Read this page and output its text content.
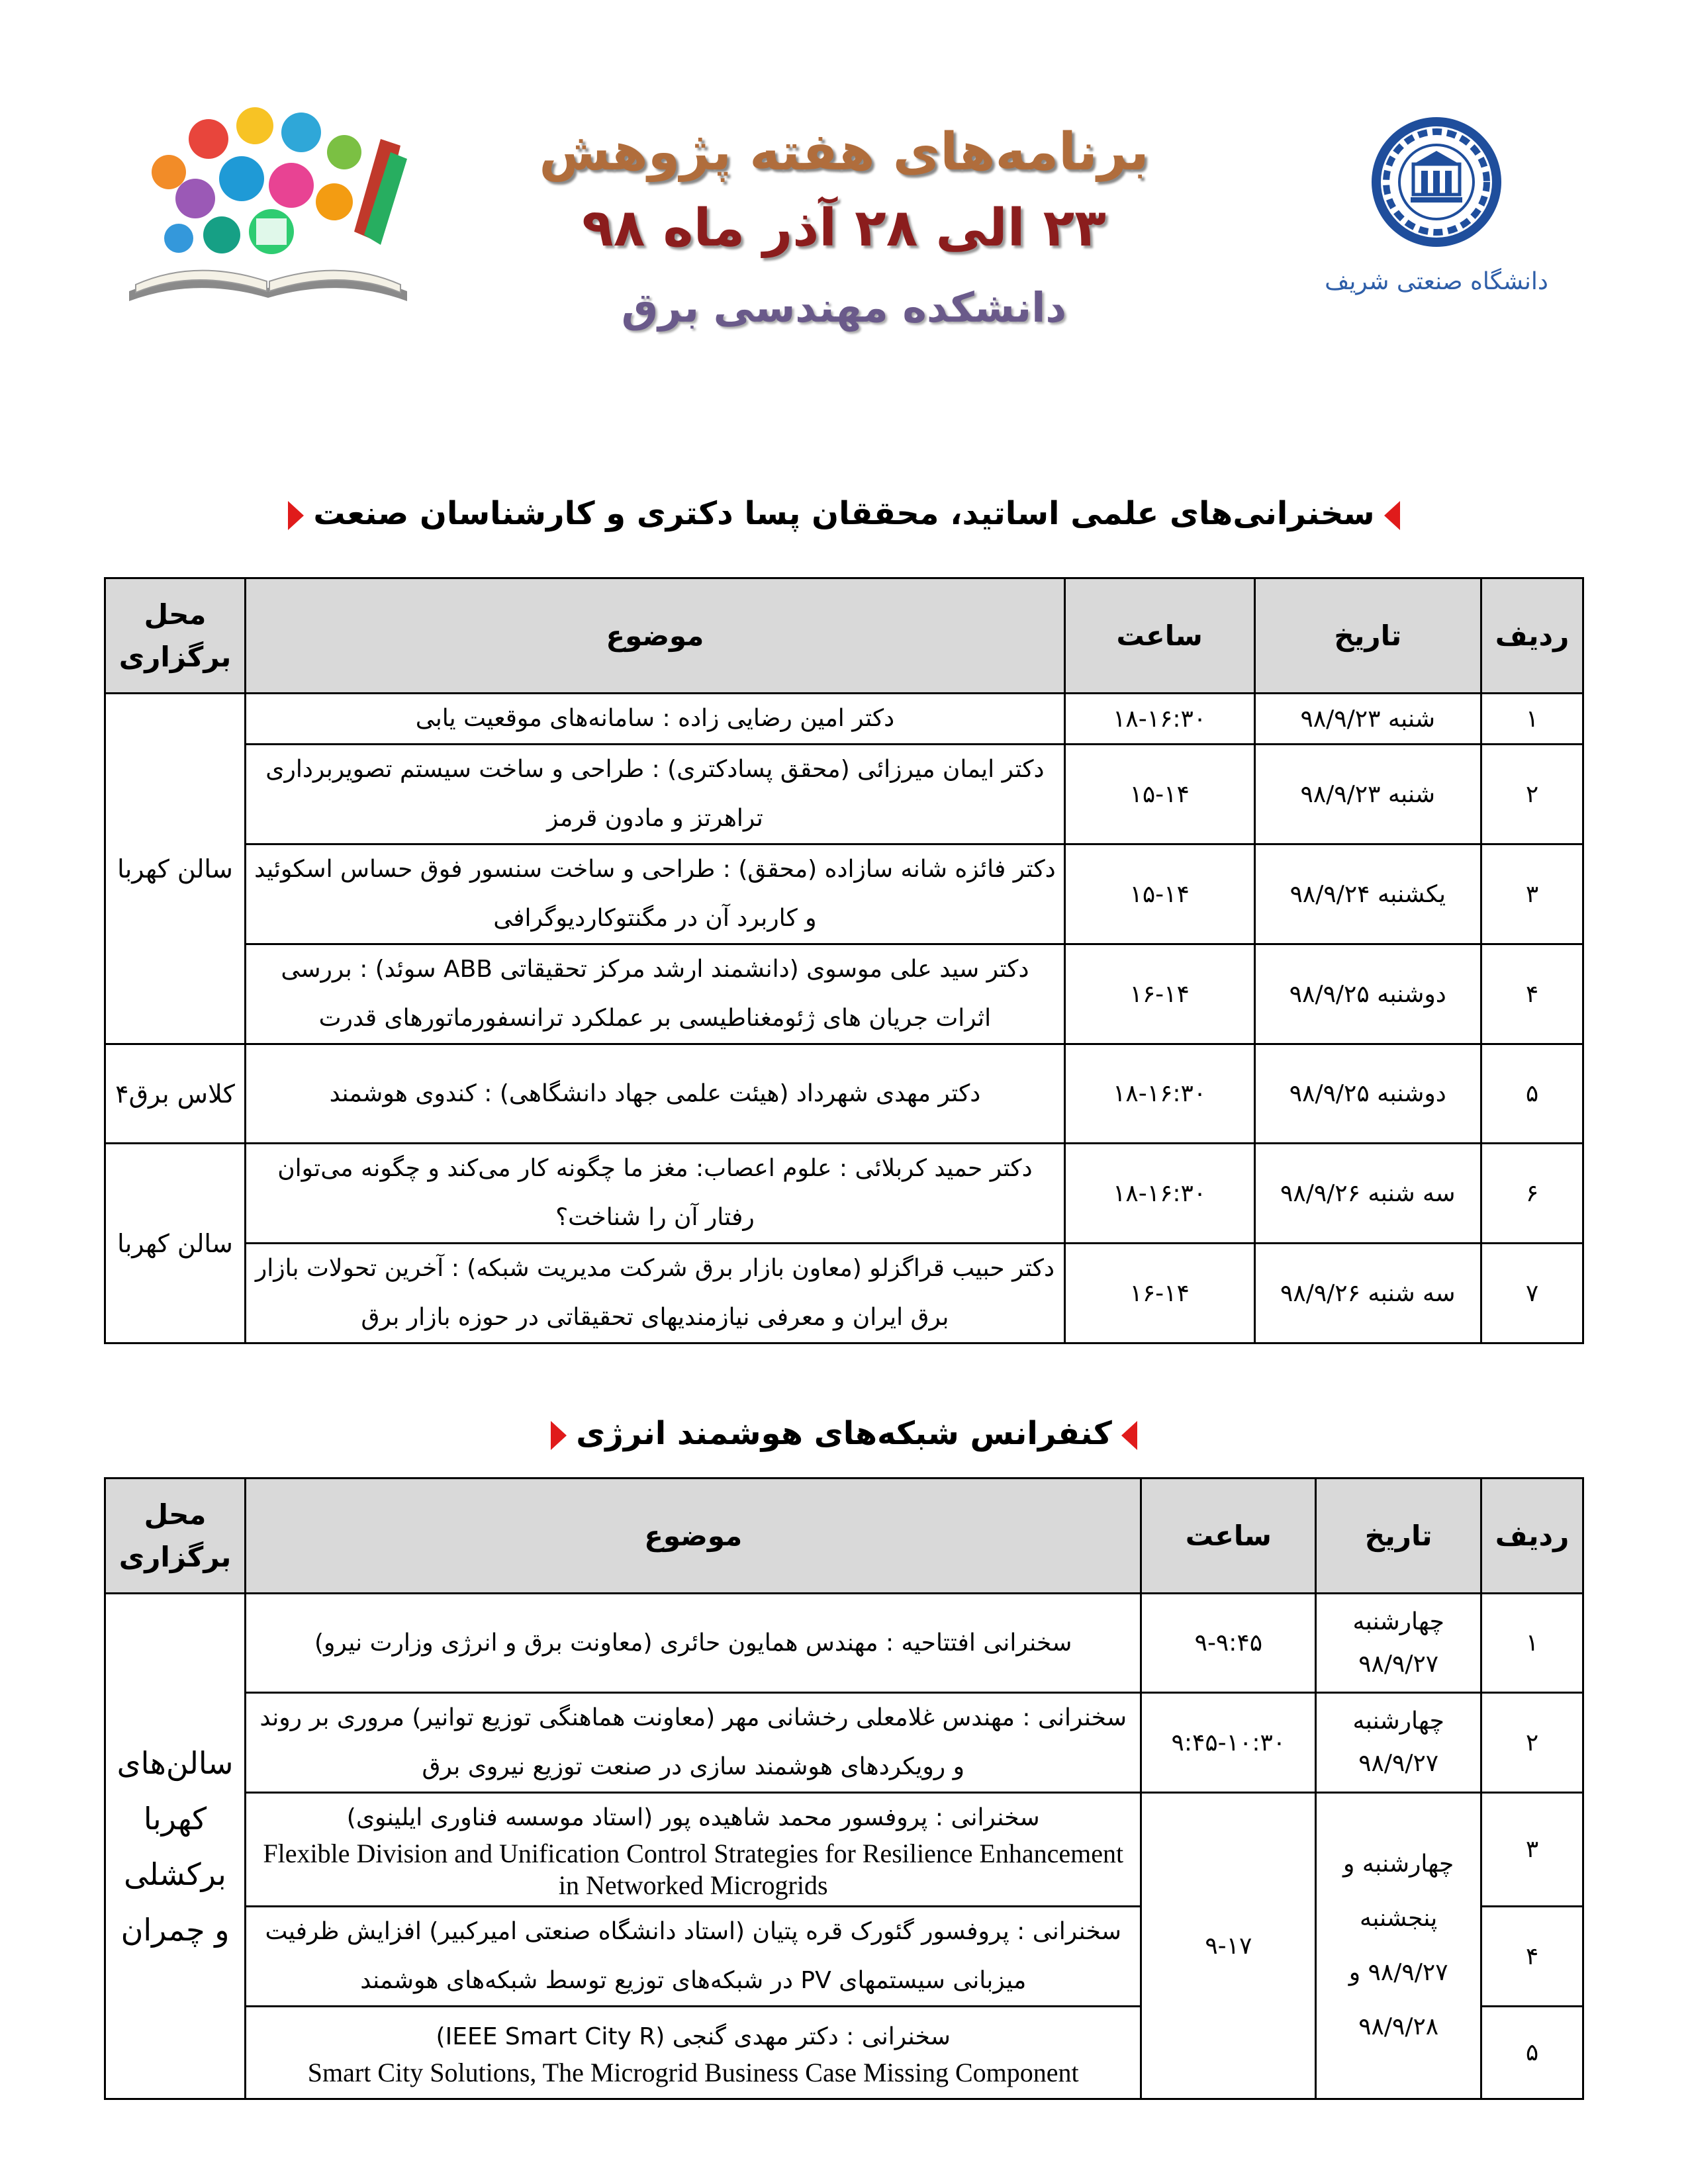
برنامه‌های هفته پژوهش
۲۳ الی ۲۸ آذر ماه ۹۸
دانشکده مهندسی برق
دانشگاه صنعتی شریف
سخنرانی‌های علمی اساتید، محققان پسا دکتری و کارشناسان صنعت
ردیف	تاریخ	ساعت	موضوع	محل برگزاری
۱	شنبه ۹۸/۹/۲۳	۱۸-۱۶:۳۰	دکتر امین رضایی زاده : سامانه‌های موقعیت یابی	سالن کهربا
۲	شنبه ۹۸/۹/۲۳	۱۵-۱۴	دکتر ایمان میرزائی (محقق پسادکتری) : طراحی و ساخت سیستم تصویربرداری تراهرتز و مادون قرمز	
۳	یکشنبه ۹۸/۹/۲۴	۱۵-۱۴	دکتر فائزه شانه سازاده (محقق) : طراحی و ساخت سنسور فوق حساس اسکوئید و کاربرد آن در مگنتوکاردیوگرافی	
۴	دوشنبه ۹۸/۹/۲۵	۱۶-۱۴	دکتر سید علی موسوی (دانشمند ارشد مرکز تحقیقاتی ABB سوئد) : بررسی اثرات جریان های ژئومغناطیسی بر عملکرد ترانسفورماتورهای قدرت	
۵	دوشنبه ۹۸/۹/۲۵	۱۸-۱۶:۳۰	دکتر مهدی شهرداد (هیئت علمی جهاد دانشگاهی) : کندوی هوشمند	کلاس برق۴
۶	سه شنبه ۹۸/۹/۲۶	۱۸-۱۶:۳۰	دکتر حمید کربلائی : علوم اعصاب: مغز ما چگونه کار می‌کند و چگونه می‌توان رفتار آن را شناخت؟	سالن کهربا
۷	سه شنبه ۹۸/۹/۲۶	۱۶-۱۴	دکتر حبیب قراگزلو (معاون بازار برق شرکت مدیریت شبکه) : آخرین تحولات بازار برق ایران و معرفی نیازمندیهای تحقیقاتی در حوزه بازار برق	
کنفرانس شبکه‌های هوشمند انرژی
ردیف	تاریخ	ساعت	موضوع	محل برگزاری
۱	چهارشنبه ۹۸/۹/۲۷	۹-۹:۴۵	سخنرانی افتتاحیه : مهندس همایون حائری (معاونت برق و انرژی وزارت نیرو)	سالن‌های کهربا برکشلی و چمران
۲	چهارشنبه ۹۸/۹/۲۷	۹:۴۵-۱۰:۳۰	سخنرانی : مهندس غلامعلی رخشانی مهر (معاونت هماهنگی توزیع توانیر) مروری بر روند و رویکردهای هوشمند سازی در صنعت توزیع نیروی برق	
۳	چهارشنبه و پنجشنبه ۹۸/۹/۲۷ و ۹۸/۹/۲۸	۹-۱۷	سخنرانی : پروفسور محمد شاهیده پور (استاد موسسه فناوری ایلینوی)
Flexible Division and Unification Control Strategies for Resilience Enhancement in Networked Microgrids	

۴			سخنرانی : پروفسور گئورک قره پتیان (استاد دانشگاه صنعتی امیرکبیر) افزایش ظرفیت میزبانی سیستمهای PV در شبکه‌های توزیع توسط شبکه‌های هوشمند	
۵			سخنرانی : دکتر مهدی گنجی (IEEE Smart City R)
Smart City Solutions, The Microgrid Business Case Missing Component	
